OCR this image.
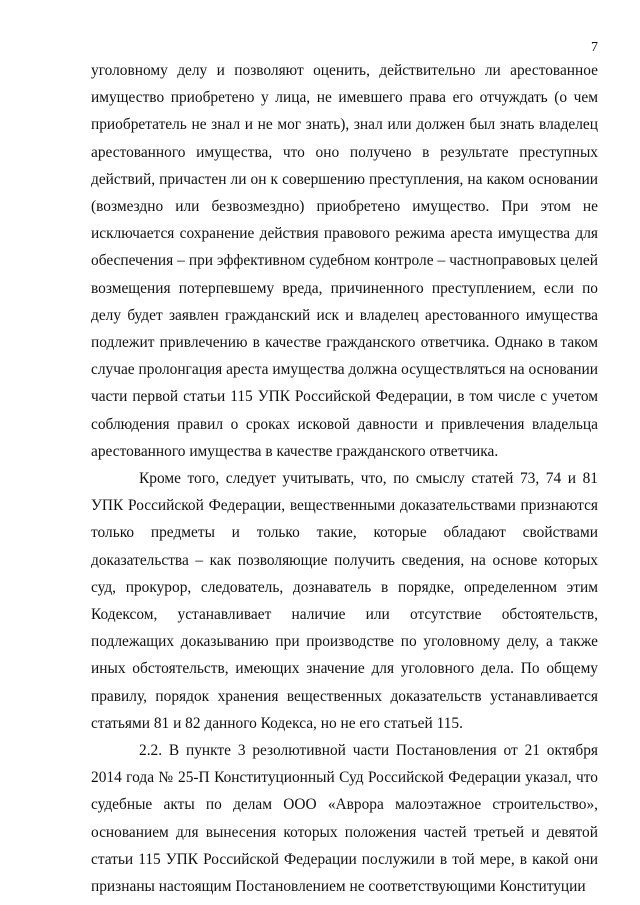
7

уголовному делу и позволяют оценить, действительно ли арестованное имущество приобретено у лица, не имевшего права его отчуждать (о чем приобретатель не знал и не мог знать), знал или должен был знать владелец арестованного имущества, что оно получено в результате преступных действий, причастен ли он к совершению преступления, на каком основании (возмездно или безвозмездно) приобретено имущество. При этом не исключается сохранение действия правового режима ареста имущества для обеспечения – при эффективном судебном контроле – частноправовых целей возмещения потерпевшему вреда, причиненного преступлением, если по делу будет заявлен гражданский иск и владелец арестованного имущества подлежит привлечению в качестве гражданского ответчика. Однако в таком случае пролонгация ареста имущества должна осуществляться на основании части первой статьи 115 УПК Российской Федерации, в том числе с учетом соблюдения правил о сроках исковой давности и привлечения владельца арестованного имущества в качестве гражданского ответчика.

Кроме того, следует учитывать, что, по смыслу статей 73, 74 и 81 УПК Российской Федерации, вещественными доказательствами признаются только предметы и только такие, которые обладают свойствами доказательства – как позволяющие получить сведения, на основе которых суд, прокурор, следователь, дознаватель в порядке, определенном этим Кодексом, устанавливает наличие или отсутствие обстоятельств, подлежащих доказыванию при производстве по уголовному делу, а также иных обстоятельств, имеющих значение для уголовного дела. По общему правилу, порядок хранения вещественных доказательств устанавливается статьями 81 и 82 данного Кодекса, но не его статьей 115.

2.2. В пункте 3 резолютивной части Постановления от 21 октября 2014 года № 25-П Конституционный Суд Российской Федерации указал, что судебные акты по делам ООО «Аврора малоэтажное строительство», основанием для вынесения которых положения частей третьей и девятой статьи 115 УПК Российской Федерации послужили в той мере, в какой они признаны настоящим Постановлением не соответствующими Конституции
